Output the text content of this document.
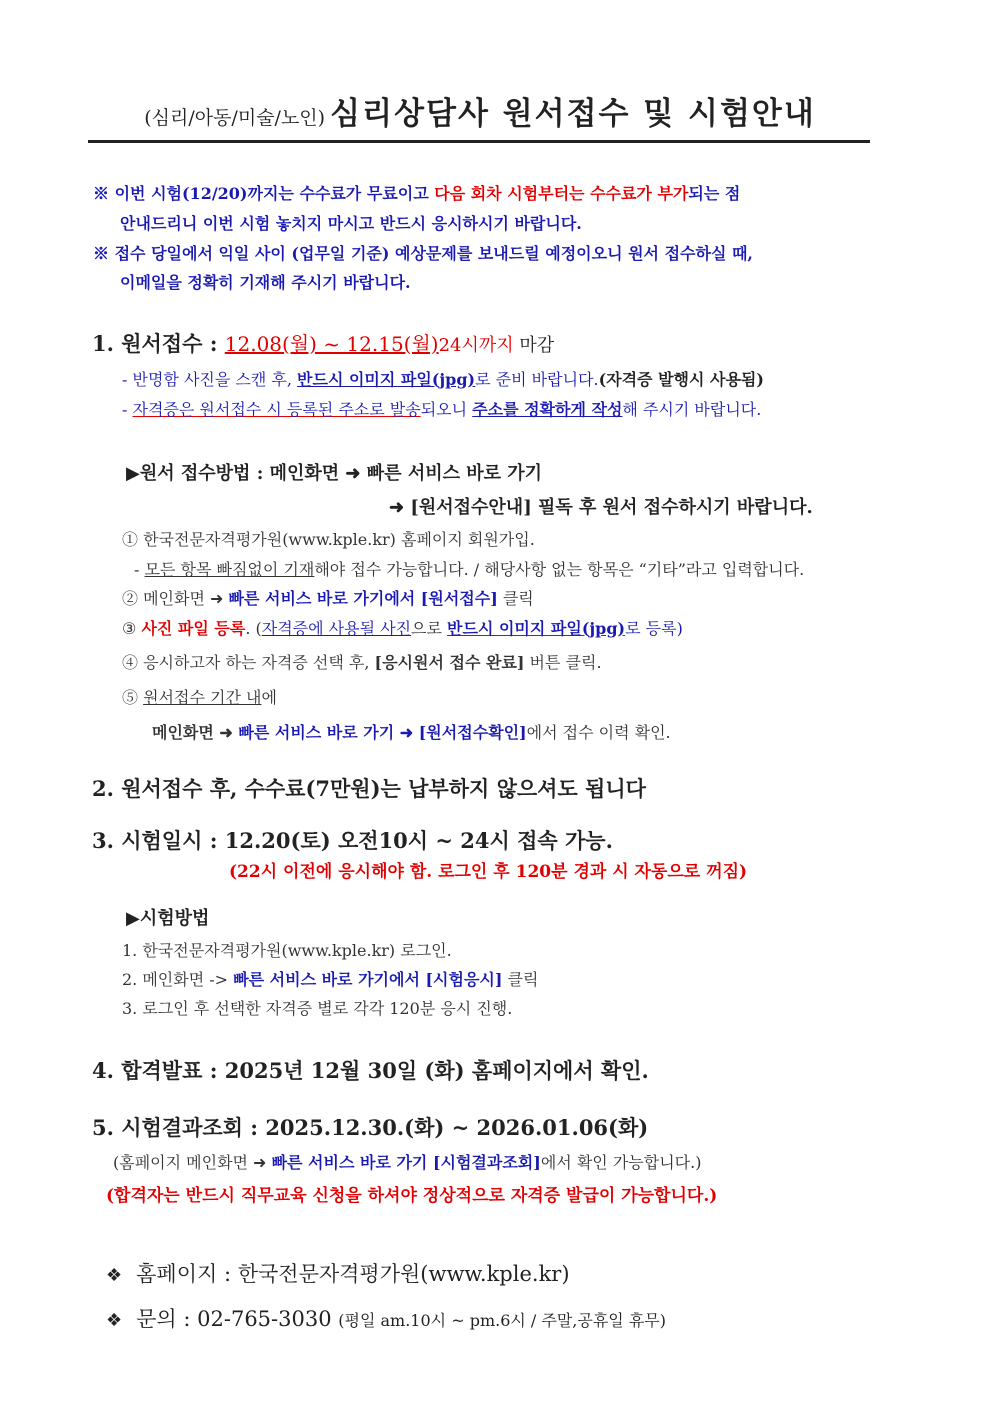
(심리/아동/미술/노인) 심리상담사 원서접수 및 시험안내
※ 이번 시험(12/20)까지는 수수료가 무료이고 다음 회차 시험부터는 수수료가 부가되는 점
안내드리니 이번 시험 놓치지 마시고 반드시 응시하시기 바랍니다.
※ 접수 당일에서 익일 사이 (업무일 기준) 예상문제를 보내드릴 예정이오니 원서 접수하실 때,
이메일을 정확히 기재해 주시기 바랍니다.
1. 원서접수 : 12.08(월) ~ 12.15(월)24시까지 마감
- 반명함 사진을 스캔 후, 반드시 이미지 파일(jpg)로 준비 바랍니다.(자격증 발행시 사용됨)
- 자격증은 원서접수 시 등록된 주소로 발송되오니 주소를 정확하게 작성해 주시기 바랍니다.
▶원서 접수방법 : 메인화면 ➜ 빠른 서비스 바로 가기
➜ [원서접수안내] 필독 후 원서 접수하시기 바랍니다.
① 한국전문자격평가원(www.kple.kr) 홈페이지 회원가입.
- 모든 항목 빠짐없이 기재해야 접수 가능합니다. / 해당사항 없는 항목은 “기타”라고 입력합니다.
② 메인화면 ➜ 빠른 서비스 바로 가기에서 [원서접수] 클릭
③ 사진 파일 등록. (자격증에 사용될 사진으로 반드시 이미지 파일(jpg)로 등록)
④ 응시하고자 하는 자격증 선택 후, [응시원서 접수 완료] 버튼 클릭.
⑤ 원서접수 기간 내에
메인화면 ➜ 빠른 서비스 바로 가기 ➜ [원서접수확인]에서 접수 이력 확인.
2. 원서접수 후, 수수료(7만원)는 납부하지 않으셔도 됩니다
3. 시험일시 : 12.20(토) 오전10시 ~ 24시 접속 가능.
(22시 이전에 응시해야 함. 로그인 후 120분 경과 시 자동으로 꺼짐)
▶시험방법
1. 한국전문자격평가원(www.kple.kr) 로그인.
2. 메인화면 -> 빠른 서비스 바로 가기에서 [시험응시] 클릭
3. 로그인 후 선택한 자격증 별로 각각 120분 응시 진행.
4. 합격발표 : 2025년 12월 30일 (화) 홈페이지에서 확인.
5. 시험결과조회 : 2025.12.30.(화) ~ 2026.01.06(화)
(홈페이지 메인화면 ➜ 빠른 서비스 바로 가기 [시험결과조회]에서 확인 가능합니다.)
(합격자는 반드시 직무교육 신청을 하셔야 정상적으로 자격증 발급이 가능합니다.)
❖ 홈페이지 : 한국전문자격평가원(www.kple.kr)
❖ 문의 : 02-765-3030 (평일 am.10시 ~ pm.6시 / 주말,공휴일 휴무)
